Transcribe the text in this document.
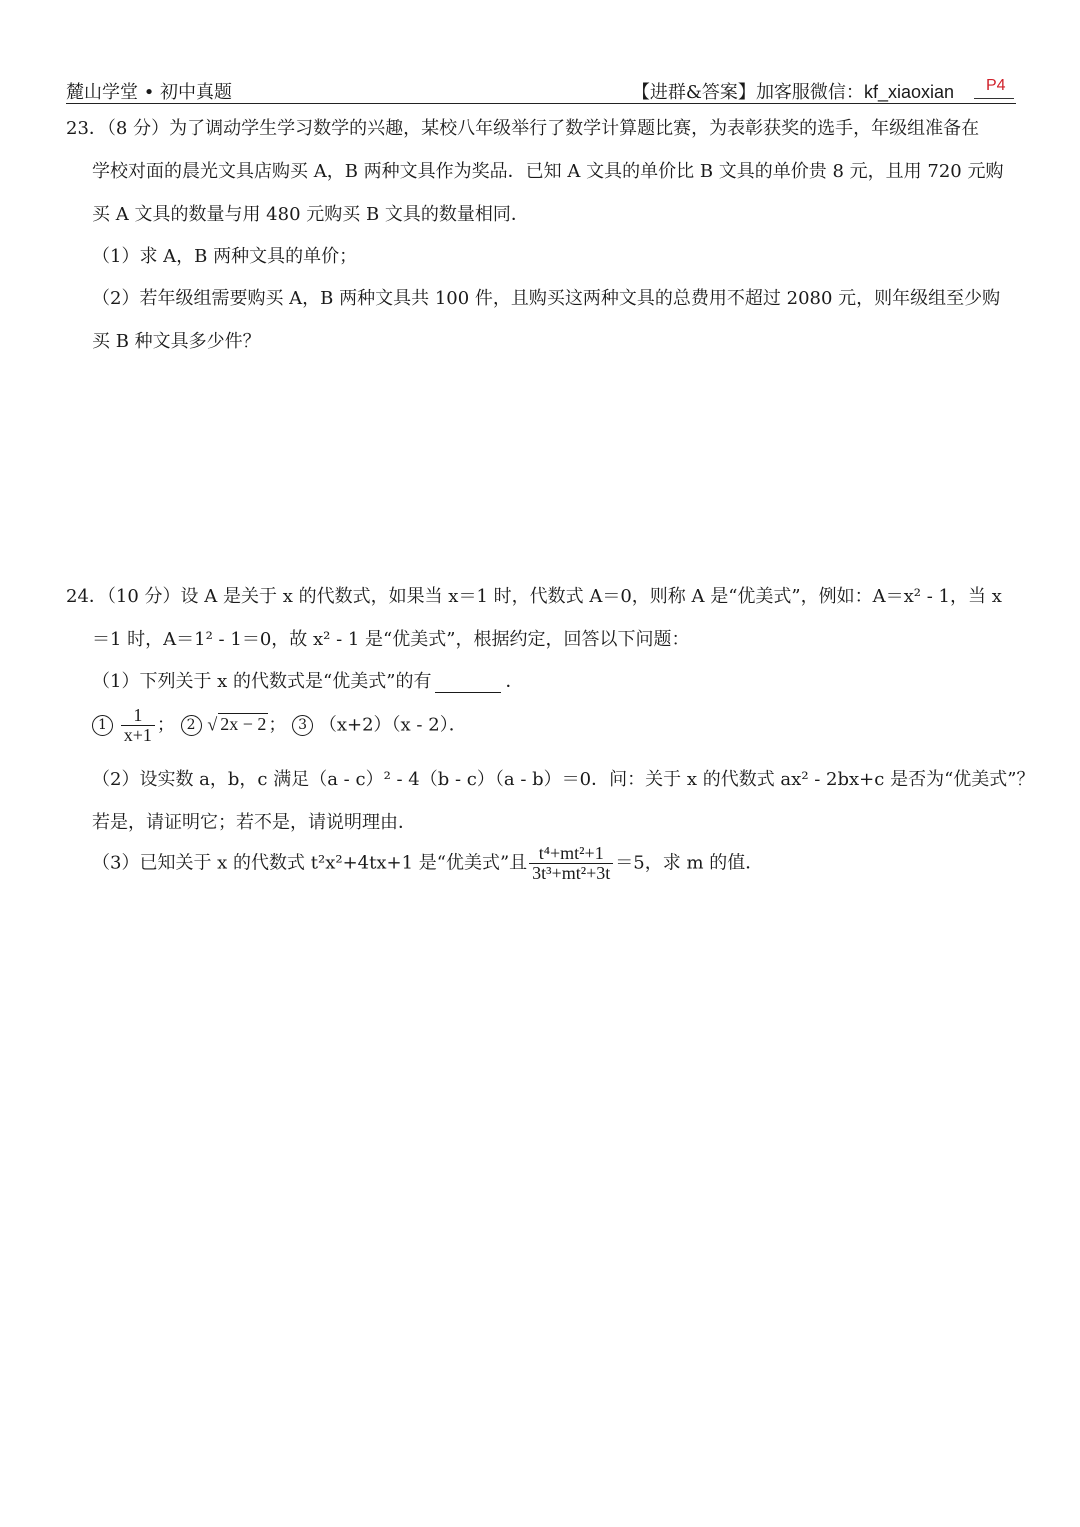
麓山学堂 • 初中真题	【进群&答案】加客服微信：kf_xiaoxian P4
23．（8 分）为了调动学生学习数学的兴趣，某校八年级举行了数学计算题比赛，为表彰获奖的选手，年级组准备在
学校对面的晨光文具店购买 A，B 两种文具作为奖品．已知 A 文具的单价比 B 文具的单价贵 8 元，且用 720 元购
买 A 文具的数量与用 480 元购买 B 文具的数量相同．
（1）求 A，B 两种文具的单价；
（2）若年级组需要购买 A，B 两种文具共 100 件，且购买这两种文具的总费用不超过 2080 元，则年级组至少购
买 B 种文具多少件？
24．（10 分）设 A 是关于 x 的代数式，如果当 x＝1 时，代数式 A＝0，则称 A 是“优美式”，例如：A＝x² - 1，当 x
＝1 时，A＝1² - 1＝0，故 x² - 1 是“优美式”，根据约定，回答以下问题：
（1）下列关于 x 的代数式是“优美式”的有	．
$1 \frac{1}{x+1}$ ； 2 √ 2x − 2 ； 3 （x+2）（x - 2）．
（2）设实数 a，b，c 满足（a - c）² - 4（b - c）（a - b）＝0．问：关于 x 的代数式 ax² - 2bx+c 是否为“优美式”？
若是，请证明它；若不是，请说明理由．
（3）已知关于 x 的代数式 t²x²+4tx+1 是“优美式”且 $\frac{\text{t⁴+mt²+1}}{\text{3t³+mt²+3t}} =5$，求 m 的值．
